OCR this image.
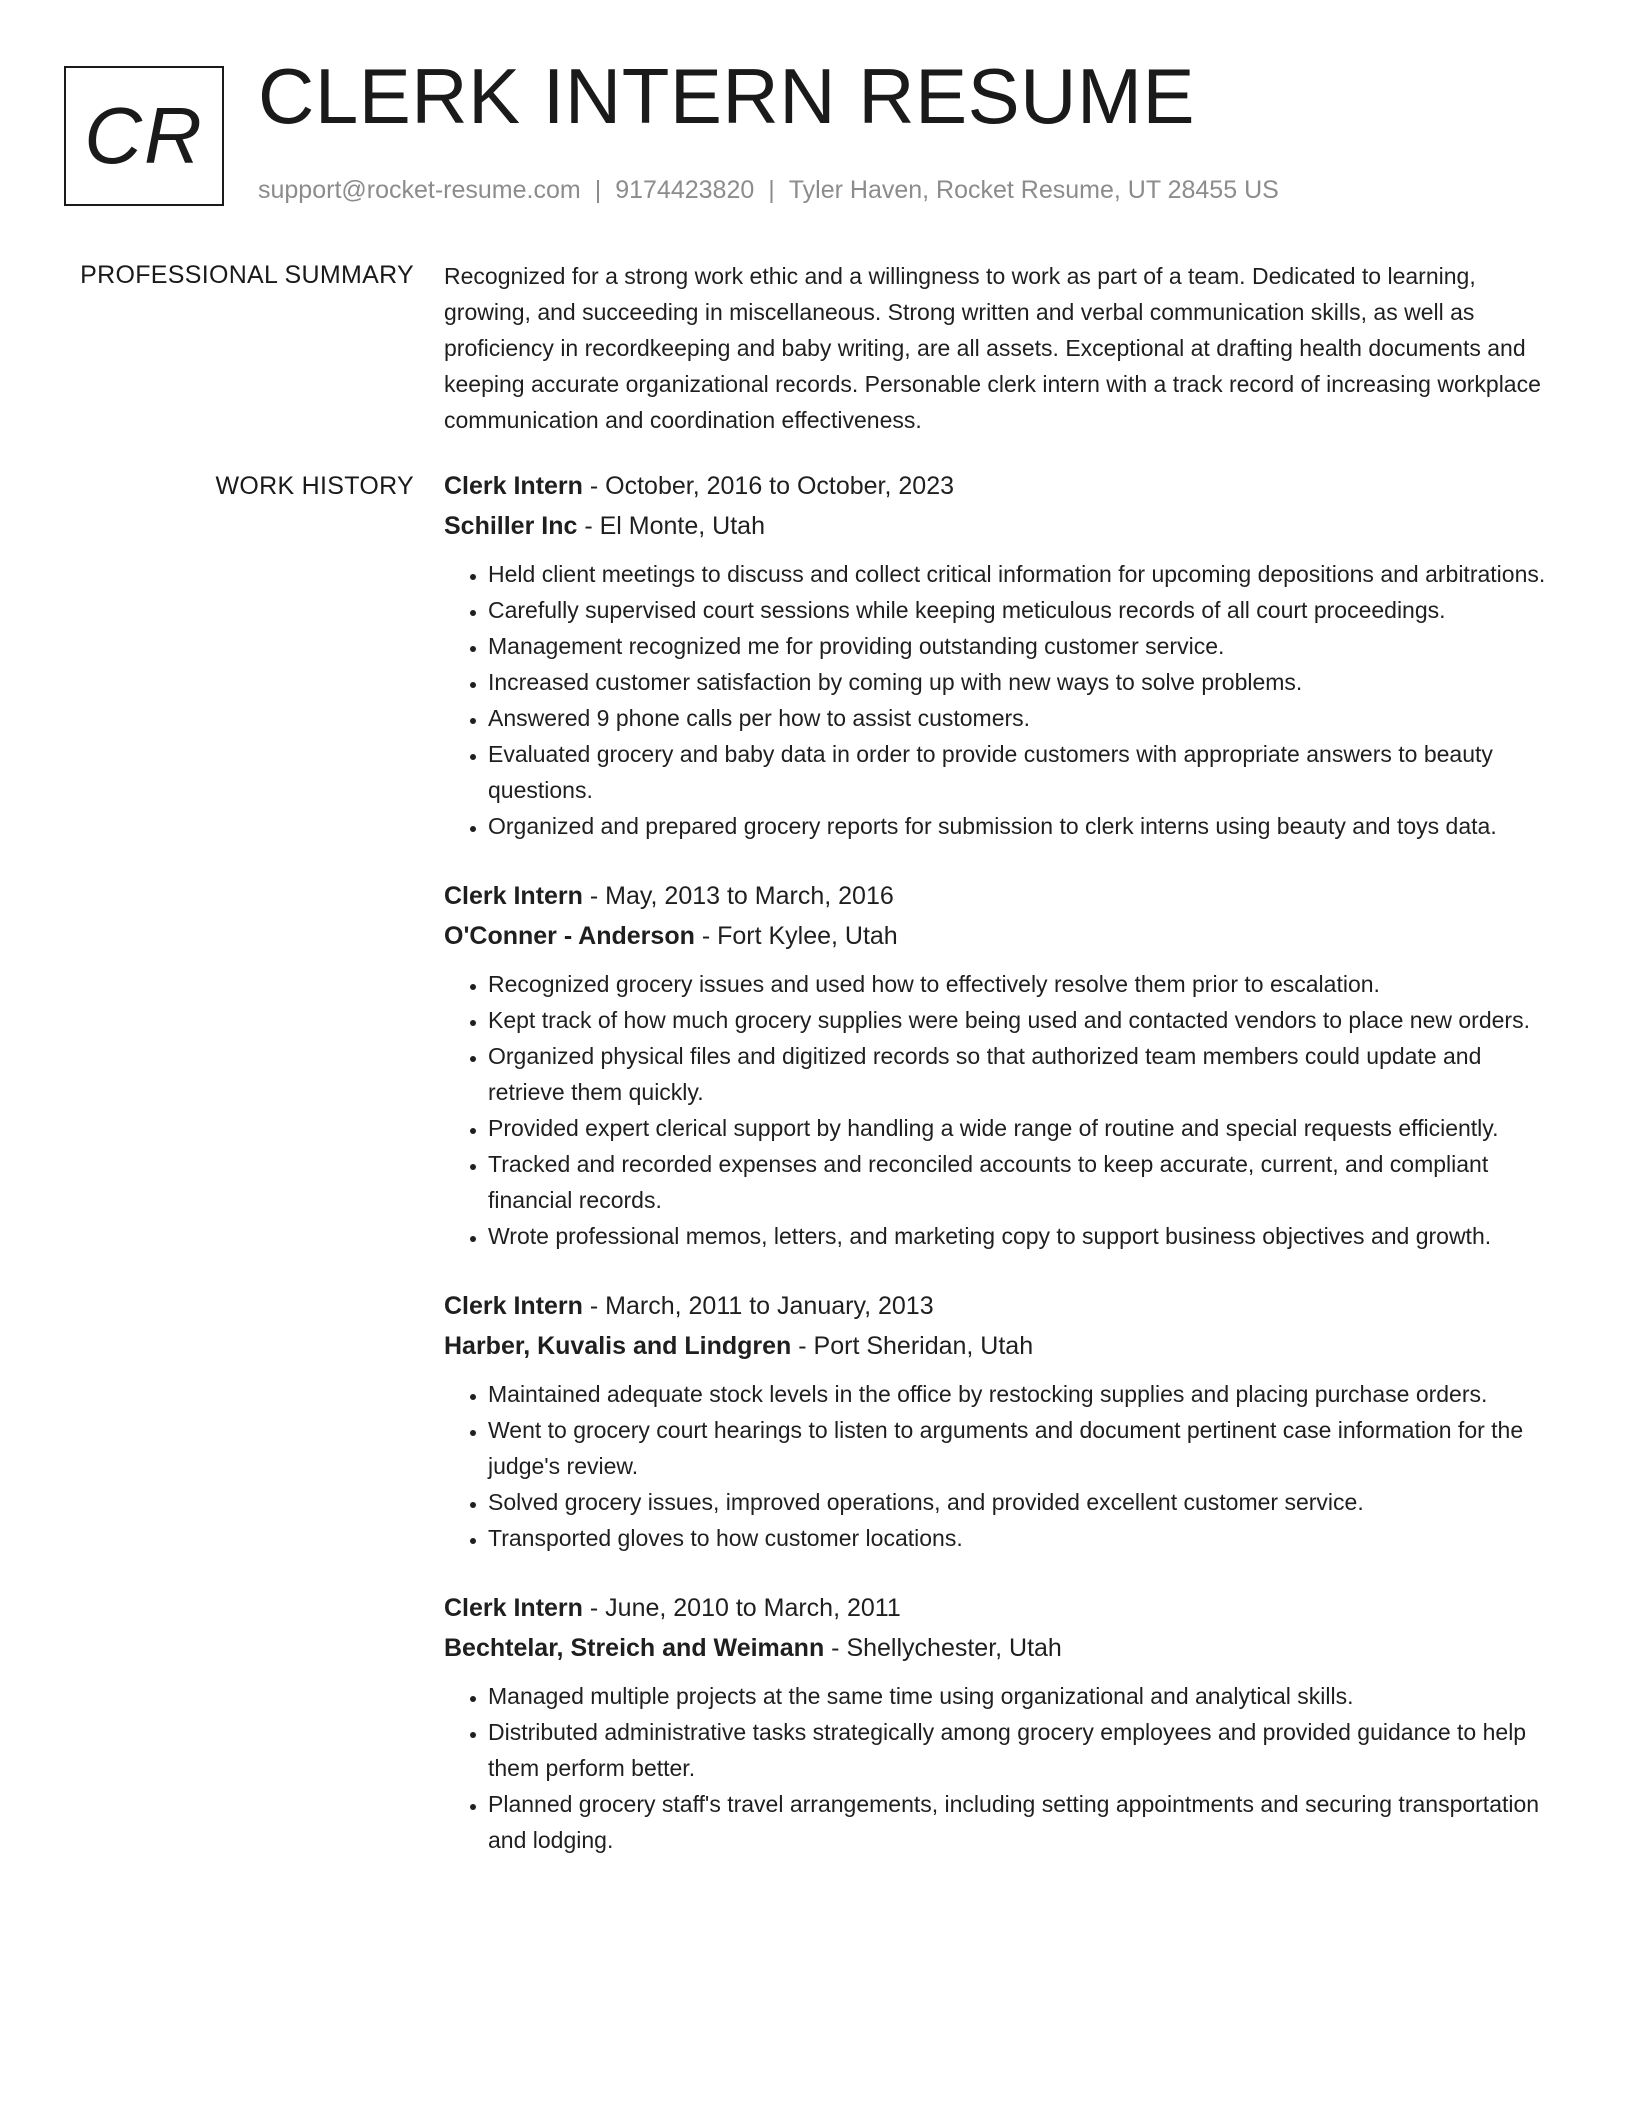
CR CLERK INTERN RESUME
support@rocket-resume.com | 9174423820 | Tyler Haven, Rocket Resume, UT 28455 US
PROFESSIONAL SUMMARY Recognized for a strong work ethic and a willingness to work as part of a team. Dedicated to learning, growing, and succeeding in miscellaneous. Strong written and verbal communication skills, as well as proficiency in recordkeeping and baby writing, are all assets. Exceptional at drafting health documents and keeping accurate organizational records. Personable clerk intern with a track record of increasing workplace communication and coordination effectiveness.

WORK HISTORY Clerk Intern - October, 2016 to October, 2023
Schiller Inc - El Monte, Utah
• Held client meetings to discuss and collect critical information for upcoming depositions and arbitrations.
• Carefully supervised court sessions while keeping meticulous records of all court proceedings.
• Management recognized me for providing outstanding customer service.
• Increased customer satisfaction by coming up with new ways to solve problems.
• Answered 9 phone calls per how to assist customers.
• Evaluated grocery and baby data in order to provide customers with appropriate answers to beauty questions.
• Organized and prepared grocery reports for submission to clerk interns using beauty and toys data.
Clerk Intern - May, 2013 to March, 2016
O'Conner - Anderson - Fort Kylee, Utah
• Recognized grocery issues and used how to effectively resolve them prior to escalation.
• Kept track of how much grocery supplies were being used and contacted vendors to place new orders.
• Organized physical files and digitized records so that authorized team members could update and retrieve them quickly.
• Provided expert clerical support by handling a wide range of routine and special requests efficiently.
• Tracked and recorded expenses and reconciled accounts to keep accurate, current, and compliant financial records.
• Wrote professional memos, letters, and marketing copy to support business objectives and growth.
Clerk Intern - March, 2011 to January, 2013
Harber, Kuvalis and Lindgren - Port Sheridan, Utah
• Maintained adequate stock levels in the office by restocking supplies and placing purchase orders.
• Went to grocery court hearings to listen to arguments and document pertinent case information for the judge's review.
• Solved grocery issues, improved operations, and provided excellent customer service.
• Transported gloves to how customer locations.
Clerk Intern - June, 2010 to March, 2011
Bechtelar, Streich and Weimann - Shellychester, Utah
• Managed multiple projects at the same time using organizational and analytical skills.
• Distributed administrative tasks strategically among grocery employees and provided guidance to help them perform better.
• Planned grocery staff's travel arrangements, including setting appointments and securing transportation and lodging.
